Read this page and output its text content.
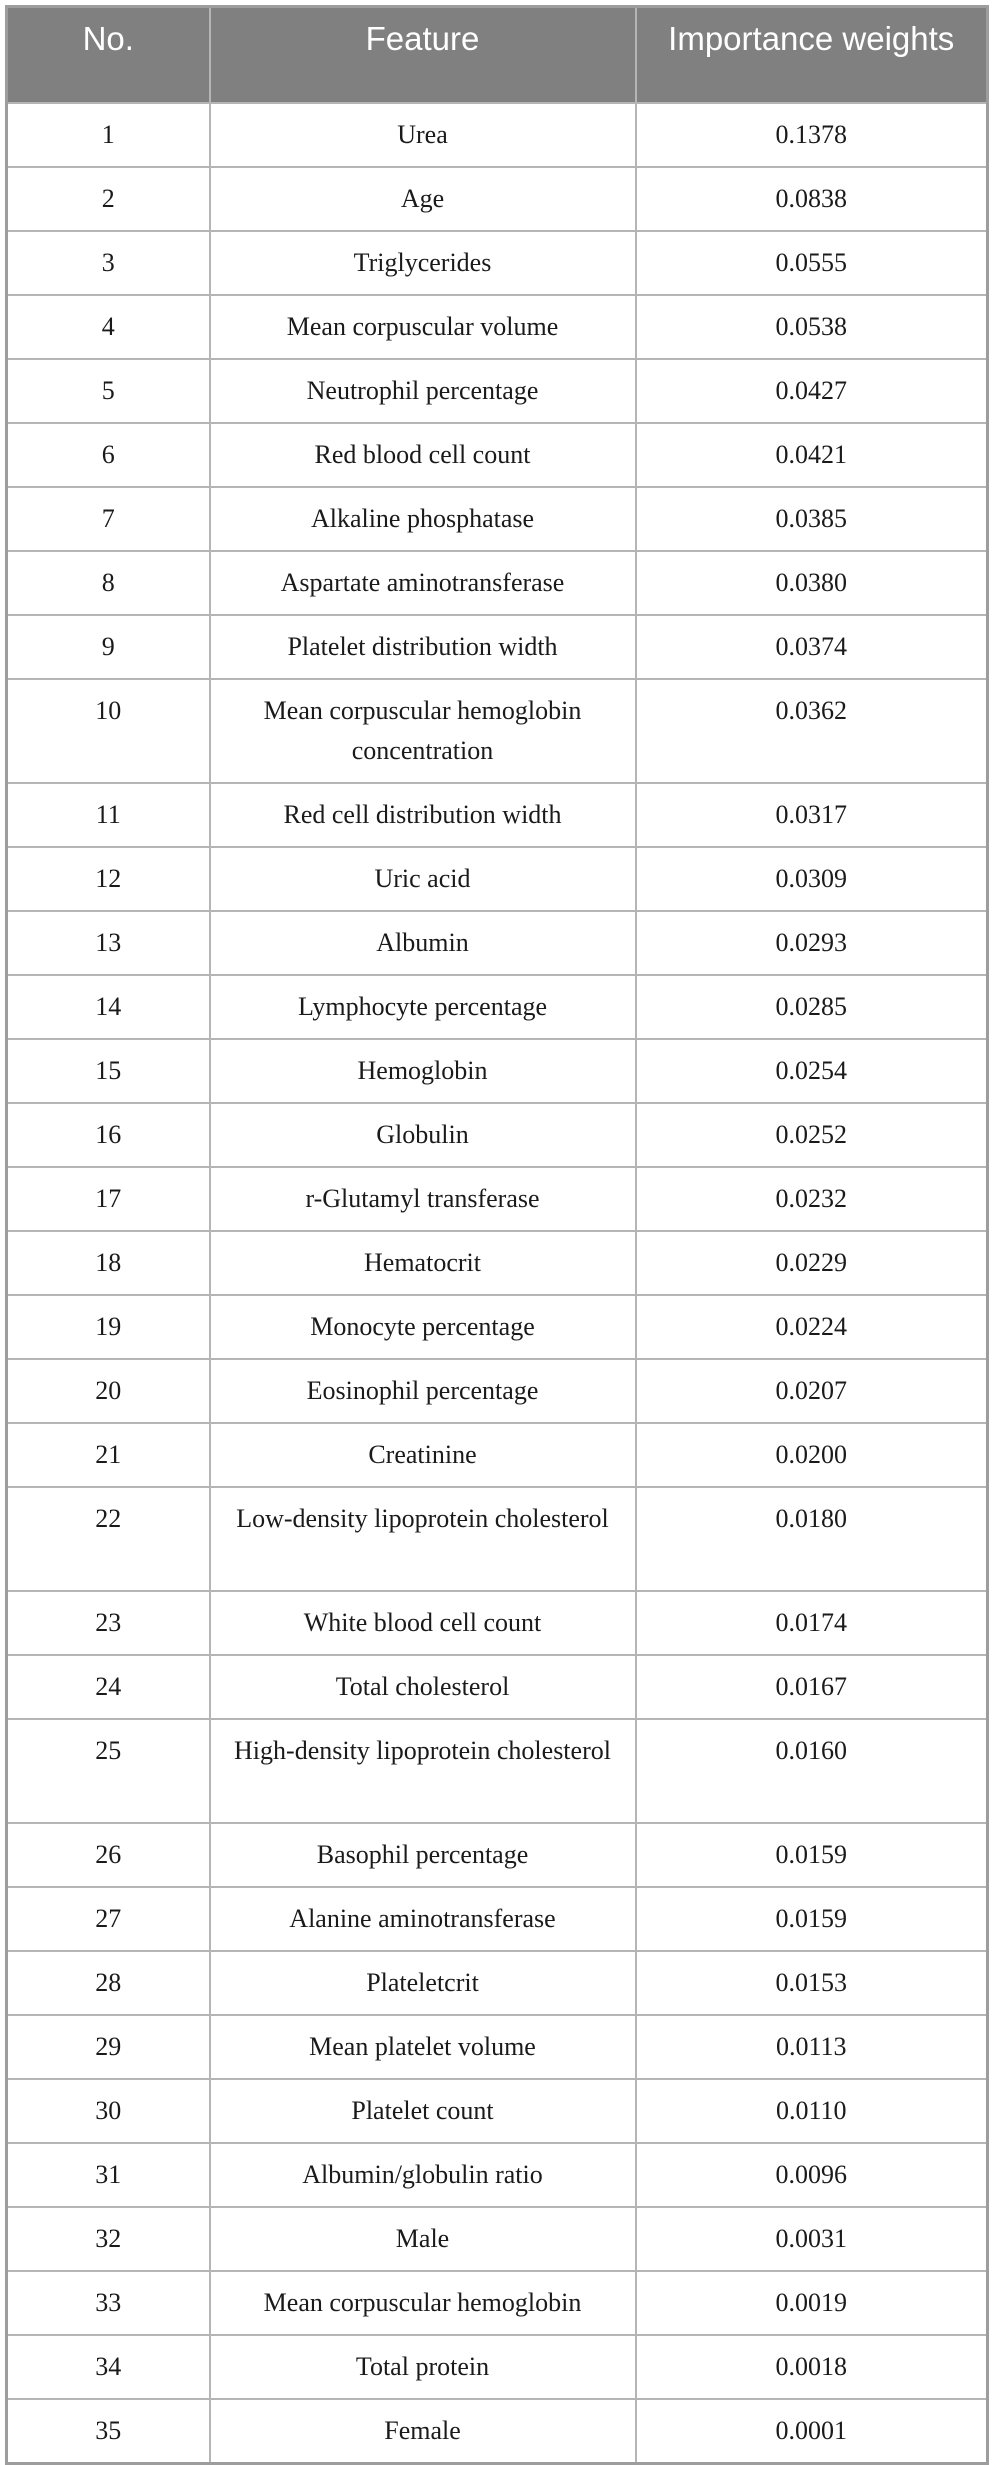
No.	Feature	Importance weights
1	Urea	0.1378
2	Age	0.0838
3	Triglycerides	0.0555
4	Mean corpuscular volume	0.0538
5	Neutrophil percentage	0.0427
6	Red blood cell count	0.0421
7	Alkaline phosphatase	0.0385
8	Aspartate aminotransferase	0.0380
9	Platelet distribution width	0.0374
10	Mean corpuscular hemoglobin concentration	0.0362
11	Red cell distribution width	0.0317
12	Uric acid	0.0309
13	Albumin	0.0293
14	Lymphocyte percentage	0.0285
15	Hemoglobin	0.0254
16	Globulin	0.0252
17	r-Glutamyl transferase	0.0232
18	Hematocrit	0.0229
19	Monocyte percentage	0.0224
20	Eosinophil percentage	0.0207
21	Creatinine	0.0200
22	Low-density lipoprotein cholesterol	0.0180
23	White blood cell count	0.0174
24	Total cholesterol	0.0167
25	High-density lipoprotein cholesterol	0.0160
26	Basophil percentage	0.0159
27	Alanine aminotransferase	0.0159
28	Plateletcrit	0.0153
29	Mean platelet volume	0.0113
30	Platelet count	0.0110
31	Albumin/globulin ratio	0.0096
32	Male	0.0031
33	Mean corpuscular hemoglobin	0.0019
34	Total protein	0.0018
35	Female	0.0001
